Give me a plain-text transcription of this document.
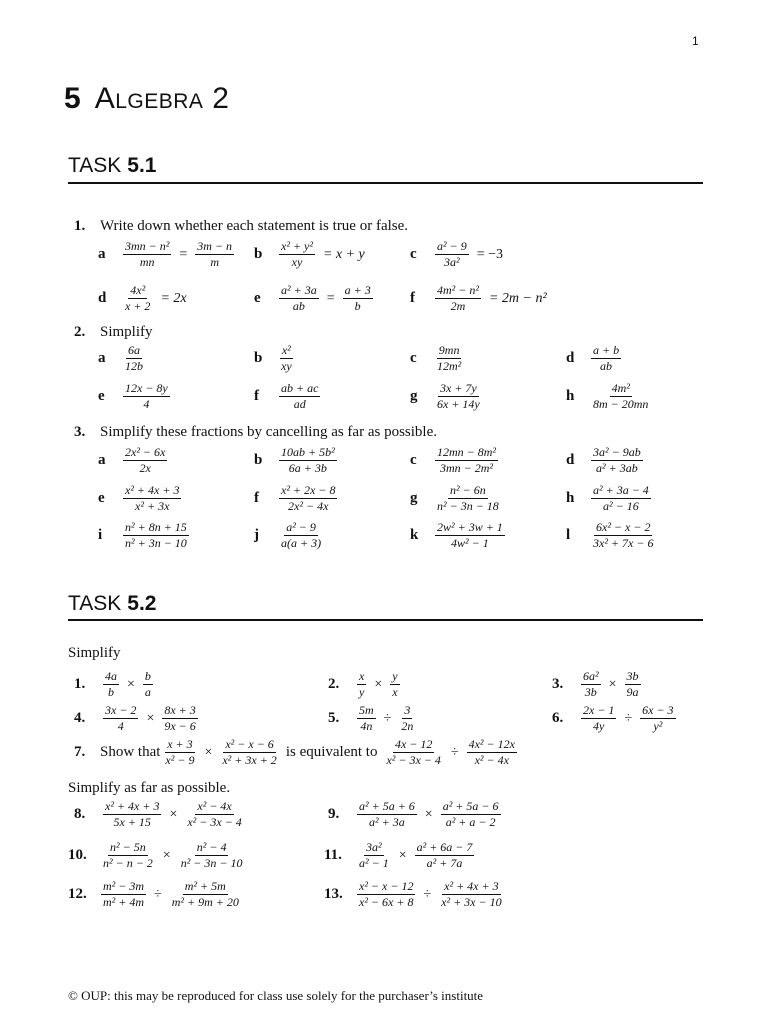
1
5 Algebra 2
TASK 5.1
1. Write down whether each statement is true or false.
a	$\frac{\text{3mn − n²}}{mn} = \frac{3m - n}{m}$ b	$\frac{\text{x² + y²}}{xy} = x + y$	c	$\frac{\text{a² − 9}}{\text{3a²}} = -3$
d	$\frac{\text{4x²}}{x + 2} = 2x$	e	$\frac{\text{a² + 3a}}{ab} = \frac{a + 3}{b}$ f	$\frac{\text{4m² − n²}}{2m} = 2m - n^2$
2. Simplify
a	$\frac{6a}{12b}$	b	$\frac{\text{x²}}{xy}$	c	$\frac{9mn}{\text{12m²}}$	d	$\frac{a + b}{ab}$
e	$\frac{12x - 8y}{4}$	f	$\frac{ab + ac}{ad}$	g	$\frac{3x + 7y}{6x + 14y}$	h	$\frac{\text{4m²}}{8m - 20mn}$
3. Simplify these fractions by cancelling as far as possible.
a	$\frac{\text{2x² − 6x}}{2x}$	b	$\frac{\text{10ab + 5b²}}{6a + 3b}$	c	$\frac{\text{12mn − 8m²}}{\text{3mn − 2m²}}$	d	$\frac{\text{3a² − 9ab}}{\text{a² + 3ab}}$
e	$\frac{\text{x² + 4x + 3}}{\text{x² + 3x}}$	f	$\frac{\text{x² + 2x − 8}}{\text{2x² − 4x}}$	g	$\frac{\text{n² − 6n}}{\text{n² − 3n − 18}}$	h	$\frac{\text{a² + 3a − 4}}{\text{a² − 16}}$
i	$\frac{\text{n² + 8n + 15}}{\text{n² + 3n − 10}}$	j	$\frac{\text{a² − 9}}{a(a + 3)}$	k	$\frac{\text{2w² + 3w + 1}}{\text{4w² − 1}}$	l	$\frac{\text{6x² − x − 2}}{\text{3x² + 7x − 6}}$
TASK 5.2
Simplify
1.	$\frac{4a}{b} \times \frac{b}{a}$	2.	$\frac{x}{y} \times \frac{y}{x}$	3.	$\frac{\text{6a²}}{3b} \times \frac{3b}{9a}$
4.	$\frac{3x - 2}{4} \times \frac{8x + 3}{9x - 6}$	5.	$\frac{5m}{4n} \div \frac{3}{2n}$	6.	$\frac{2x - 1}{4y} \div \frac{6x - 3}{\text{y²}}$
7. Show that $\frac{x + 3}{\text{x² − 9}} \times \frac{\text{x² − x − 6}}{\text{x² + 3x + 2}}$ is equivalent to $\frac{4x - 12}{\text{x² − 3x − 4}} \div \frac{\text{4x² − 12x}}{\text{x² − 4x}}$
Simplify as far as possible.
8.	$\frac{\text{x² + 4x + 3}}{5x + 15} \times \frac{\text{x² − 4x}}{\text{x² − 3x − 4}}$	9.	$\frac{\text{a² + 5a + 6}}{\text{a² + 3a}} \times \frac{\text{a² + 5a − 6}}{\text{a² + a − 2}}$
10.	$\frac{\text{n² − 5n}}{\text{n² − n − 2}} \times \frac{\text{n² − 4}}{\text{n² − 3n − 10}}$	11.	$\frac{\text{3a²}}{\text{a² − 1}} \times \frac{\text{a² + 6a − 7}}{\text{a² + 7a}}$
12.	$\frac{\text{m² − 3m}}{\text{m² + 4m}} \div \frac{\text{m² + 5m}}{\text{m² + 9m + 20}}$	13.	$\frac{\text{x² − x − 12}}{\text{x² − 6x + 8}} \div \frac{\text{x² + 4x + 3}}{\text{x² + 3x − 10}}$
© OUP: this may be reproduced for class use solely for the purchaser’s institute
